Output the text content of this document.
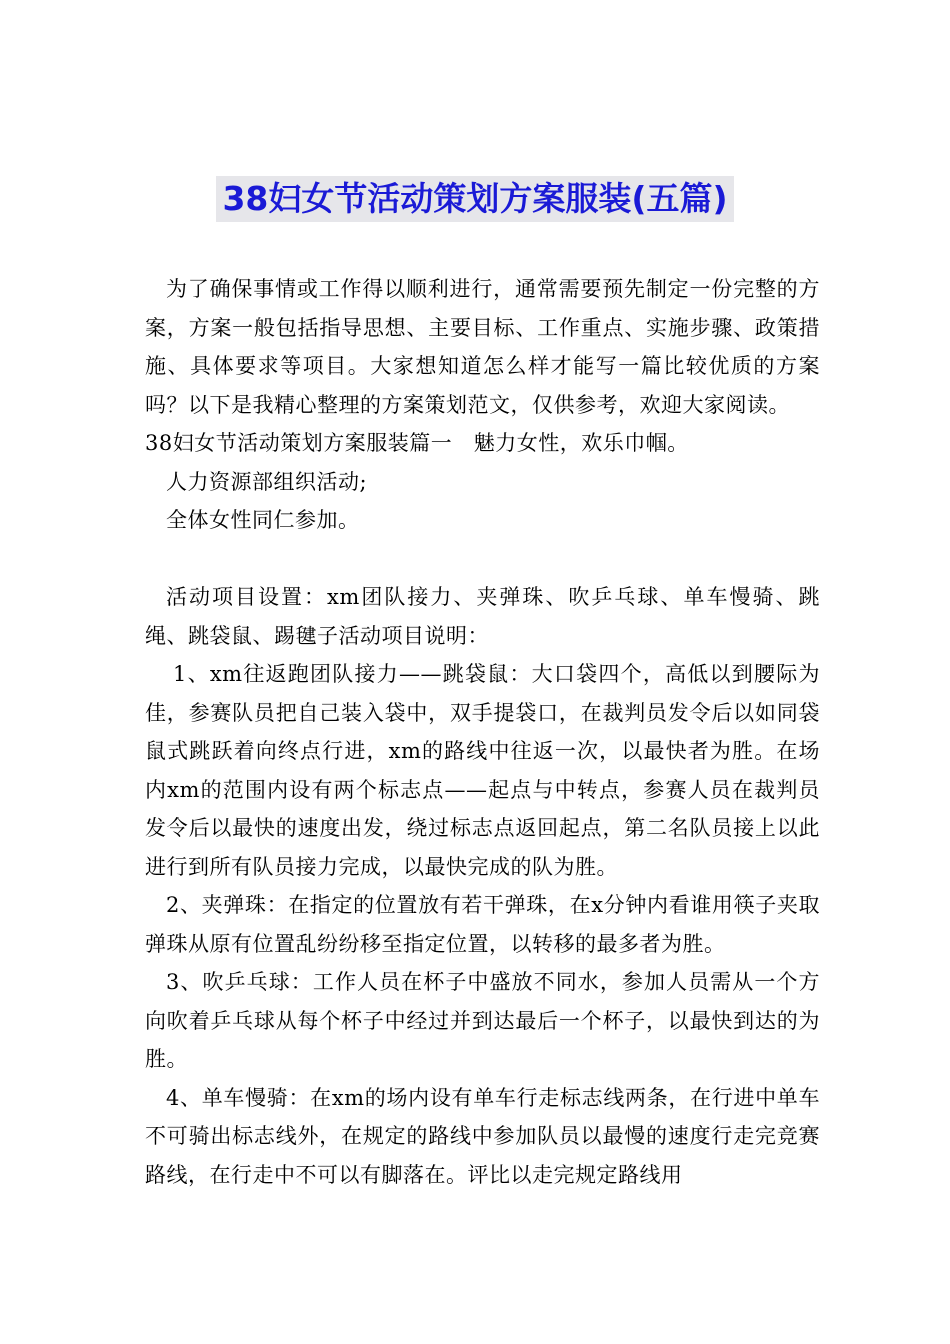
38妇女节活动策划方案服装(五篇)

为了确保事情或工作得以顺利进行，通常需要预先制定一份完整的方案，方案一般包括指导思想、主要目标、工作重点、实施步骤、政策措施、具体要求等项目。大家想知道怎么样才能写一篇比较优质的方案吗？以下是我精心整理的方案策划范文，仅供参考，欢迎大家阅读。

38妇女节活动策划方案服装篇一　魅力女性，欢乐巾帼。

人力资源部组织活动;

全体女性同仁参加。

活动项目设置：xm团队接力、夹弹珠、吹乒乓球、单车慢骑、跳绳、跳袋鼠、踢毽子活动项目说明：

1、xm往返跑团队接力——跳袋鼠：大口袋四个，高低以到腰际为佳，参赛队员把自己装入袋中，双手提袋口，在裁判员发令后以如同袋鼠式跳跃着向终点行进，xm的路线中往返一次，以最快者为胜。在场内xm的范围内设有两个标志点——起点与中转点，参赛人员在裁判员发令后以最快的速度出发，绕过标志点返回起点，第二名队员接上以此进行到所有队员接力完成，以最快完成的队为胜。

2、夹弹珠：在指定的位置放有若干弹珠，在x分钟内看谁用筷子夹取弹珠从原有位置乱纷纷移至指定位置，以转移的最多者为胜。

3、吹乒乓球：工作人员在杯子中盛放不同水，参加人员需从一个方向吹着乒乓球从每个杯子中经过并到达最后一个杯子，以最快到达的为胜。

4、单车慢骑：在xm的场内设有单车行走标志线两条，在行进中单车不可骑出标志线外，在规定的路线中参加队员以最慢的速度行走完竞赛路线，在行走中不可以有脚落在。评比以走完规定路线用
